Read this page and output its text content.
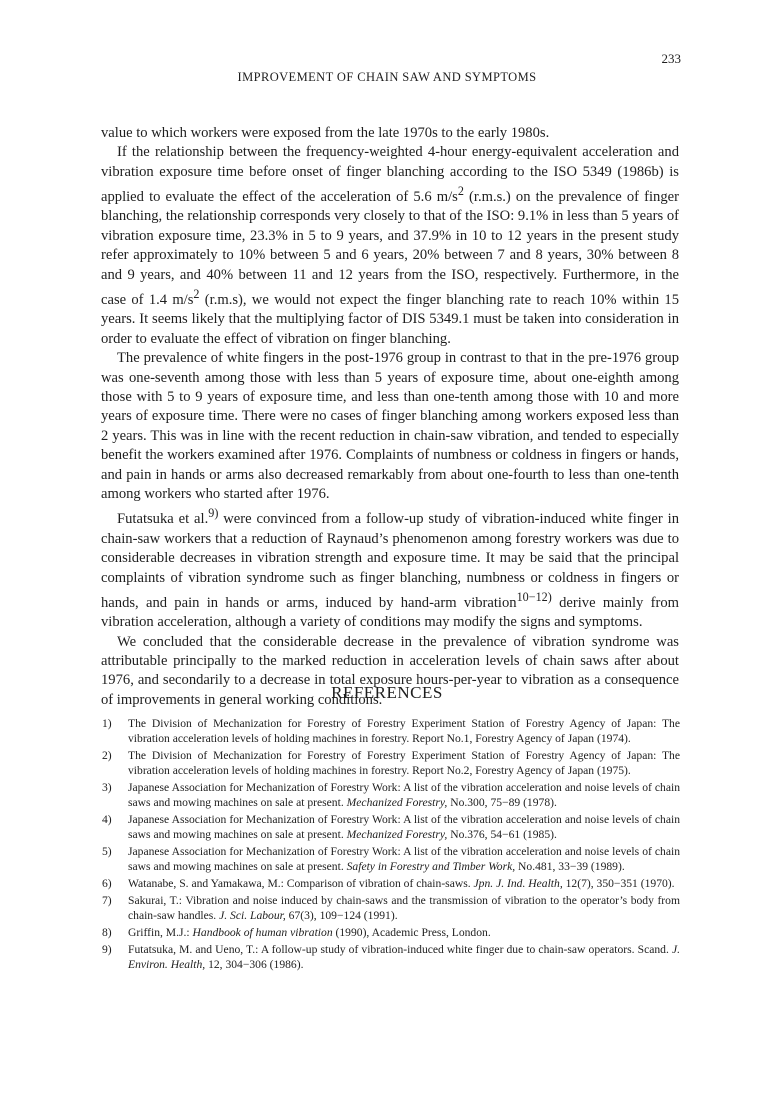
233
IMPROVEMENT OF CHAIN SAW AND SYMPTOMS

value to which workers were exposed from the late 1970s to the early 1980s.

If the relationship between the frequency-weighted 4-hour energy-equivalent acceleration and vibration exposure time before onset of finger blanching according to the ISO 5349 (1986b) is applied to evaluate the effect of the acceleration of 5.6 $m/s^2$ (r.m.s.) on the prevalence of finger blanching, the relationship corresponds very closely to that of the ISO: 9.1% in less than 5 years of vibration exposure time, 23.3% in 5 to 9 years, and 37.9% in 10 to 12 years in the present study refer approximately to 10% between 5 and 6 years, 20% between 7 and 8 years, 30% between 8 and 9 years, and 40% between 11 and 12 years from the ISO, respectively. Furthermore, in the case of 1.4 $m/s^2$ (r.m.s), we would not expect the finger blanching rate to reach 10% within 15 years. It seems likely that the multiplying factor of DIS 5349.1 must be taken into consideration in order to evaluate the effect of vibration on finger blanching.

The prevalence of white fingers in the post-1976 group in contrast to that in the pre-1976 group was one-seventh among those with less than 5 years of exposure time, about one-eighth among those with 5 to 9 years of exposure time, and less than one-tenth among those with 10 and more years of exposure time. There were no cases of finger blanching among workers exposed less than 2 years. This was in line with the recent reduction in chain-saw vibration, and tended to especially benefit the workers examined after 1976. Complaints of numbness or coldness in fingers or hands, and pain in hands or arms also decreased remarkably from about one-fourth to less than one-tenth among workers who started after 1976.

Futatsuka et al.$^{9)}$ were convinced from a follow-up study of vibration-induced white finger in chain-saw workers that a reduction of Raynaud’s phenomenon among forestry workers was due to considerable decreases in vibration strength and exposure time. It may be said that the principal complaints of vibration syndrome such as finger blanching, numbness or coldness in fingers or hands, and pain in hands or arms, induced by hand-arm vibration$^{10-12)}$ derive mainly from vibration acceleration, although a variety of conditions may modify the signs and symptoms.

We concluded that the considerable decrease in the prevalence of vibration syndrome was attributable principally to the marked reduction in acceleration levels of chain saws after about 1976, and secondarily to a decrease in total exposure hours-per-year to vibration as a consequence of improvements in general working conditions.

REFERENCES
1) The Division of Mechanization for Forestry of Forestry Experiment Station of Forestry Agency of Japan: The vibration acceleration levels of holding machines in forestry. Report No.1, Forestry Agency of Japan (1974).
2) The Division of Mechanization for Forestry of Forestry Experiment Station of Forestry Agency of Japan: The vibration acceleration levels of holding machines in forestry. Report No.2, Forestry Agency of Japan (1975).
3) Japanese Association for Mechanization of Forestry Work: A list of the vibration acceleration and noise levels of chain saws and mowing machines on sale at present. Mechanized Forestry, No.300, 75−89 (1978).
4) Japanese Association for Mechanization of Forestry Work: A list of the vibration acceleration and noise levels of chain saws and mowing machines on sale at present. Mechanized Forestry, No.376, 54−61 (1985).
5) Japanese Association for Mechanization of Forestry Work: A list of the vibration acceleration and noise levels of chain saws and mowing machines on sale at present. Safety in Forestry and Timber Work, No.481, 33−39 (1989).
6) Watanabe, S. and Yamakawa, M.: Comparison of vibration of chain-saws. Jpn. J. Ind. Health, 12(7), 350−351 (1970).
7) Sakurai, T.: Vibration and noise induced by chain-saws and the transmission of vibration to the operator’s body from chain-saw handles. J. Sci. Labour, 67(3), 109−124 (1991).
8) Griffin, M.J.: Handbook of human vibration (1990), Academic Press, London.
9) Futatsuka, M. and Ueno, T.: A follow-up study of vibration-induced white finger due to chain-saw operators. Scand. J. Environ. Health, 12, 304−306 (1986).
